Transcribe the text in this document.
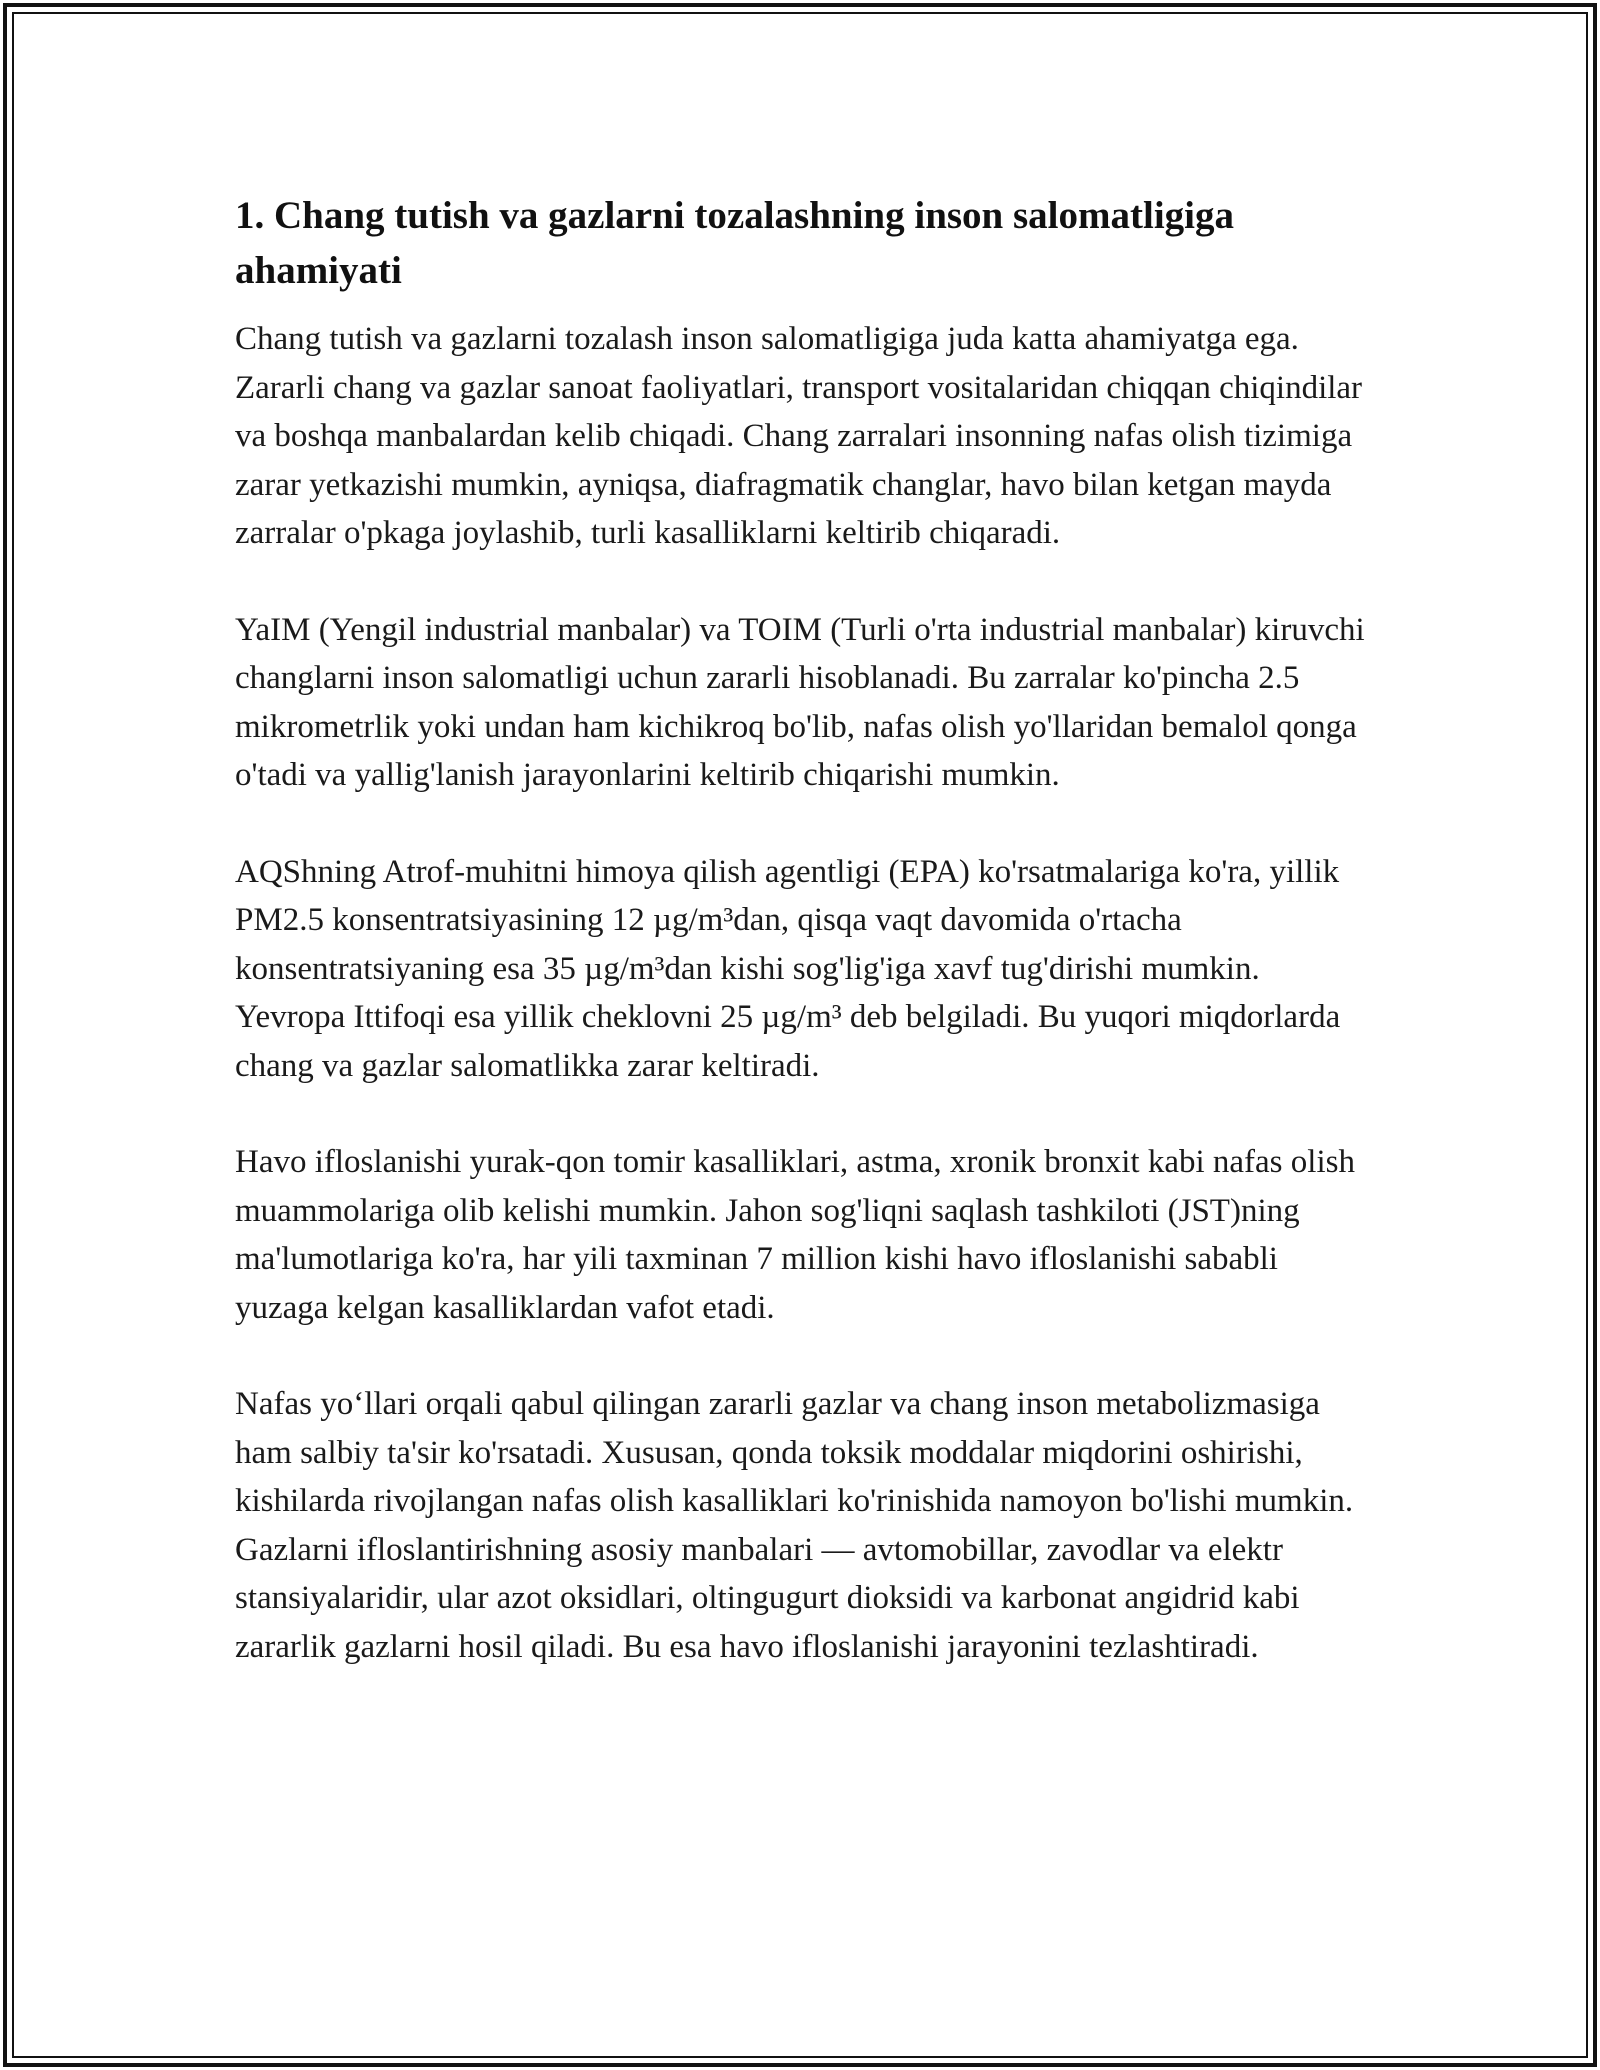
1. Chang tutish va gazlarni tozalashning inson salomatligiga ahamiyati

Chang tutish va gazlarni tozalash inson salomatligiga juda katta ahamiyatga ega. Zararli chang va gazlar sanoat faoliyatlari, transport vositalaridan chiqqan chiqindilar va boshqa manbalardan kelib chiqadi. Chang zarralari insonning nafas olish tizimiga zarar yetkazishi mumkin, ayniqsa, diafragmatik changlar, havo bilan ketgan mayda zarralar o'pkaga joylashib, turli kasalliklarni keltirib chiqaradi.

YaIM (Yengil industrial manbalar) va TOIM (Turli o'rta industrial manbalar) kiruvchi changlarni inson salomatligi uchun zararli hisoblanadi. Bu zarralar ko'pincha 2.5 mikrometrlik yoki undan ham kichikroq bo'lib, nafas olish yo'llaridan bemalol qonga o'tadi va yallig'lanish jarayonlarini keltirib chiqarishi mumkin.

AQShning Atrof-muhitni himoya qilish agentligi (EPA) ko'rsatmalariga ko'ra, yillik PM2.5 konsentratsiyasining 12 µg/m³dan, qisqa vaqt davomida o'rtacha konsentratsiyaning esa 35 µg/m³dan kishi sog'lig'iga xavf tug'dirishi mumkin. Yevropa Ittifoqi esa yillik cheklovni 25 µg/m³ deb belgiladi. Bu yuqori miqdorlarda chang va gazlar salomatlikka zarar keltiradi.

Havo ifloslanishi yurak-qon tomir kasalliklari, astma, xronik bronxit kabi nafas olish muammolariga olib kelishi mumkin. Jahon sog'liqni saqlash tashkiloti (JST)ning ma'lumotlariga ko'ra, har yili taxminan 7 million kishi havo ifloslanishi sababli yuzaga kelgan kasalliklardan vafot etadi.

Nafas yo‘llari orqali qabul qilingan zararli gazlar va chang inson metabolizmasiga ham salbiy ta'sir ko'rsatadi. Xususan, qonda toksik moddalar miqdorini oshirishi, kishilarda rivojlangan nafas olish kasalliklari ko'rinishida namoyon bo'lishi mumkin. Gazlarni ifloslantirishning asosiy manbalari — avtomobillar, zavodlar va elektr stansiyalaridir, ular azot oksidlari, oltingugurt dioksidi va karbonat angidrid kabi zararlik gazlarni hosil qiladi. Bu esa havo ifloslanishi jarayonini tezlashtiradi.
